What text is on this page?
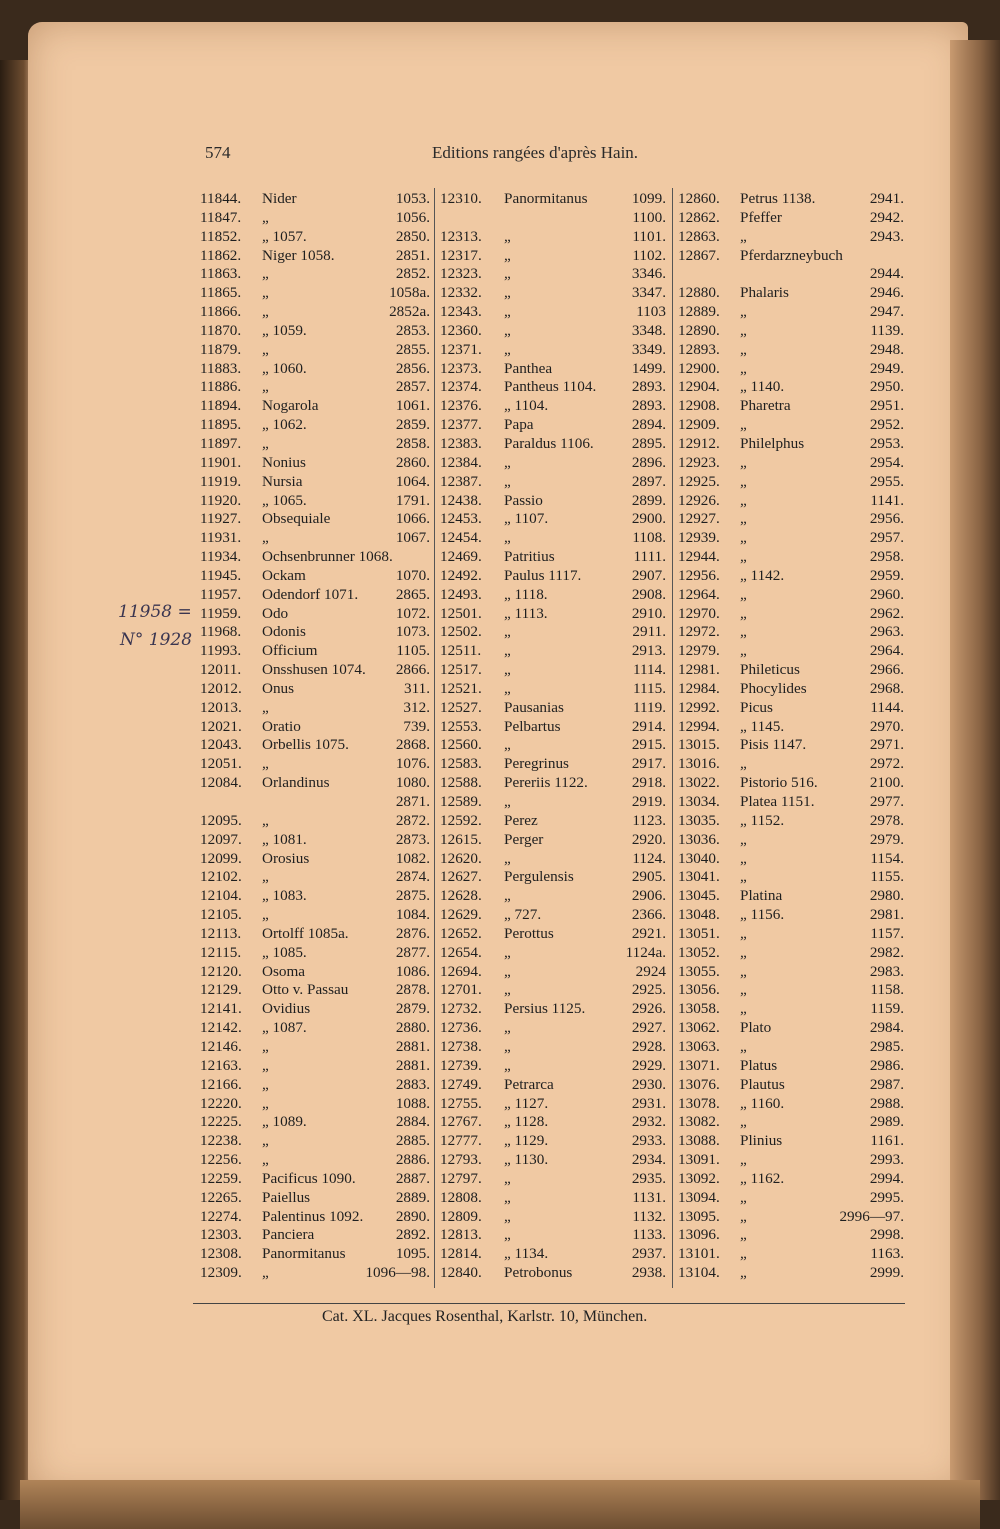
574	Editions rangées d'après Hain.
11844. Nider	1053.
11847. „	1056.
11852. „ 1057.	2850.
11862. Niger 1058.	2851.
11863. „	2852.
11865. „	1058a.
11866. „	2852a.
11870. „ 1059.	2853.
11879. „	2855.
11883. „ 1060.	2856.
11886. „	2857.
11894. Nogarola	1061.
11895. „ 1062.	2859.
11897. „	2858.
11901. Nonius	2860.
11919. Nursia	1064.
11920. „ 1065.	1791.
11927. Obsequiale	1066.
11931. „	1067.
11934. Ochsenbrunner 1068.
11945. Ockam	1070.
11957. Odendorf 1071. 2865.
11959. Odo	1072.
11968. Odonis	1073.
11993. Officium	1105.
12011. Onsshusen 1074. 2866.
12012. Onus	311.
12013. „	312.
12021. Oratio	739.
12043. Orbellis 1075.	2868.
12051. „	1076.
12084. Orlandinus	1080.
2871.
12095. „	2872.
12097. „ 1081.	2873.
12099. Orosius	1082.
12102. „	2874.
12104. „ 1083.	2875.
12105. „	1084.
12113. Ortolff 1085a.	2876.
12115. „ 1085.	2877.
12120. Osoma	1086.
12129. Otto v. Passau	2878.
12141. Ovidius	2879.
12142. „ 1087.	2880.
12146. „	2881.
12163. „	2881.
12166. „	2883.
12220. „	1088.
12225. „ 1089.	2884.
12238. „	2885.
12256. „	2886.
12259. Pacificus 1090.	2887.
12265. Paiellus	2889.
12274. Palentinus 1092. 2890.
12303. Panciera	2892.
12308. Panormitanus	1095.
12309. „	1096—98.
12310. Panormitanus	1099.
1100.
12313. „	1101.
12317. „	1102.
12323. „	3346.
12332. „	3347.
12343. „	1103
12360. „	3348.
12371. „	3349.
12373. Panthea	1499.
12374. Pantheus 1104. 2893.
12376. „ 1104.	2893.
12377. Papa	2894.
12383. Paraldus 1106.	2895.
12384. „	2896.
12387. „	2897.
12438. Passio	2899.
12453. „ 1107.	2900.
12454. „	1108.
12469. Patritius	1111.
12492. Paulus 1117.	2907.
12493. „ 1118.	2908.
12501. „ 1113.	2910.
12502. „	2911.
12511. „	2913.
12517. „	1114.
12521. „	1115.
12527. Pausanias	1119.
12553. Pelbartus	2914.
12560. „	2915.
12583. Peregrinus	2917.
12588. Pereriis 1122.	2918.
12589. „	2919.
12592. Perez	1123.
12615. Perger	2920.
12620. „	1124.
12627. Pergulensis	2905.
12628. „	2906.
12629. „ 727.	2366.
12652. Perottus	2921.
12654. „	1124a.
12694. „	2924
12701. „	2925.
12732. Persius 1125.	2926.
12736. „	2927.
12738. „	2928.
12739. „	2929.
12749. Petrarca	2930.
12755. „ 1127.	2931.
12767. „ 1128.	2932.
12777. „ 1129.	2933.
12793. „ 1130.	2934.
12797. „	2935.
12808. „	1131.
12809. „	1132.
12813. „	1133.
12814. „ 1134.	2937.
12840. Petrobonus	2938.
12860. Petrus 1138.	2941.
12862. Pfeffer	2942.
12863. „	2943.
12867. Pferdarzneybuch
2944.
12880. Phalaris	2946.
12889. „	2947.
12890. „	1139.
12893. „	2948.
12900. „	2949.
12904. „ 1140.	2950.
12908. Pharetra	2951.
12909. „	2952.
12912. Philelphus	2953.
12923. „	2954.
12925. „	2955.
12926. „	1141.
12927. „	2956.
12939. „	2957.
12944. „	2958.
12956. „ 1142.	2959.
12964. „	2960.
12970. „	2962.
12972. „	2963.
12979. „	2964.
12981. Phileticus	2966.
12984. Phocylides	2968.
12992. Picus	1144.
12994. „ 1145.	2970.
13015. Pisis 1147.	2971.
13016. „	2972.
13022. Pistorio 516.	2100.
13034. Platea 1151.	2977.
13035. „ 1152.	2978.
13036. „	2979.
13040. „	1154.
13041. „	1155.
13045. Platina	2980.
13048. „ 1156.	2981.
13051. „	1157.
13052. „	2982.
13055. „	2983.
13056. „	1158.
13058. „	1159.
13062. Plato	2984.
13063. „	2985.
13071. Platus	2986.
13076. Plautus	2987.
13078. „ 1160.	2988.
13082. „	2989.
13088. Plinius	1161.
13091. „	2993.
13092. „ 1162.	2994.
13094. „	2995.
13095. „	2996—97.
13096. „	2998.
13101. „	1163.
13104. „	2999.
Cat. XL. Jacques Rosenthal, Karlstr. 10, München.
11958 =
N° 1928
